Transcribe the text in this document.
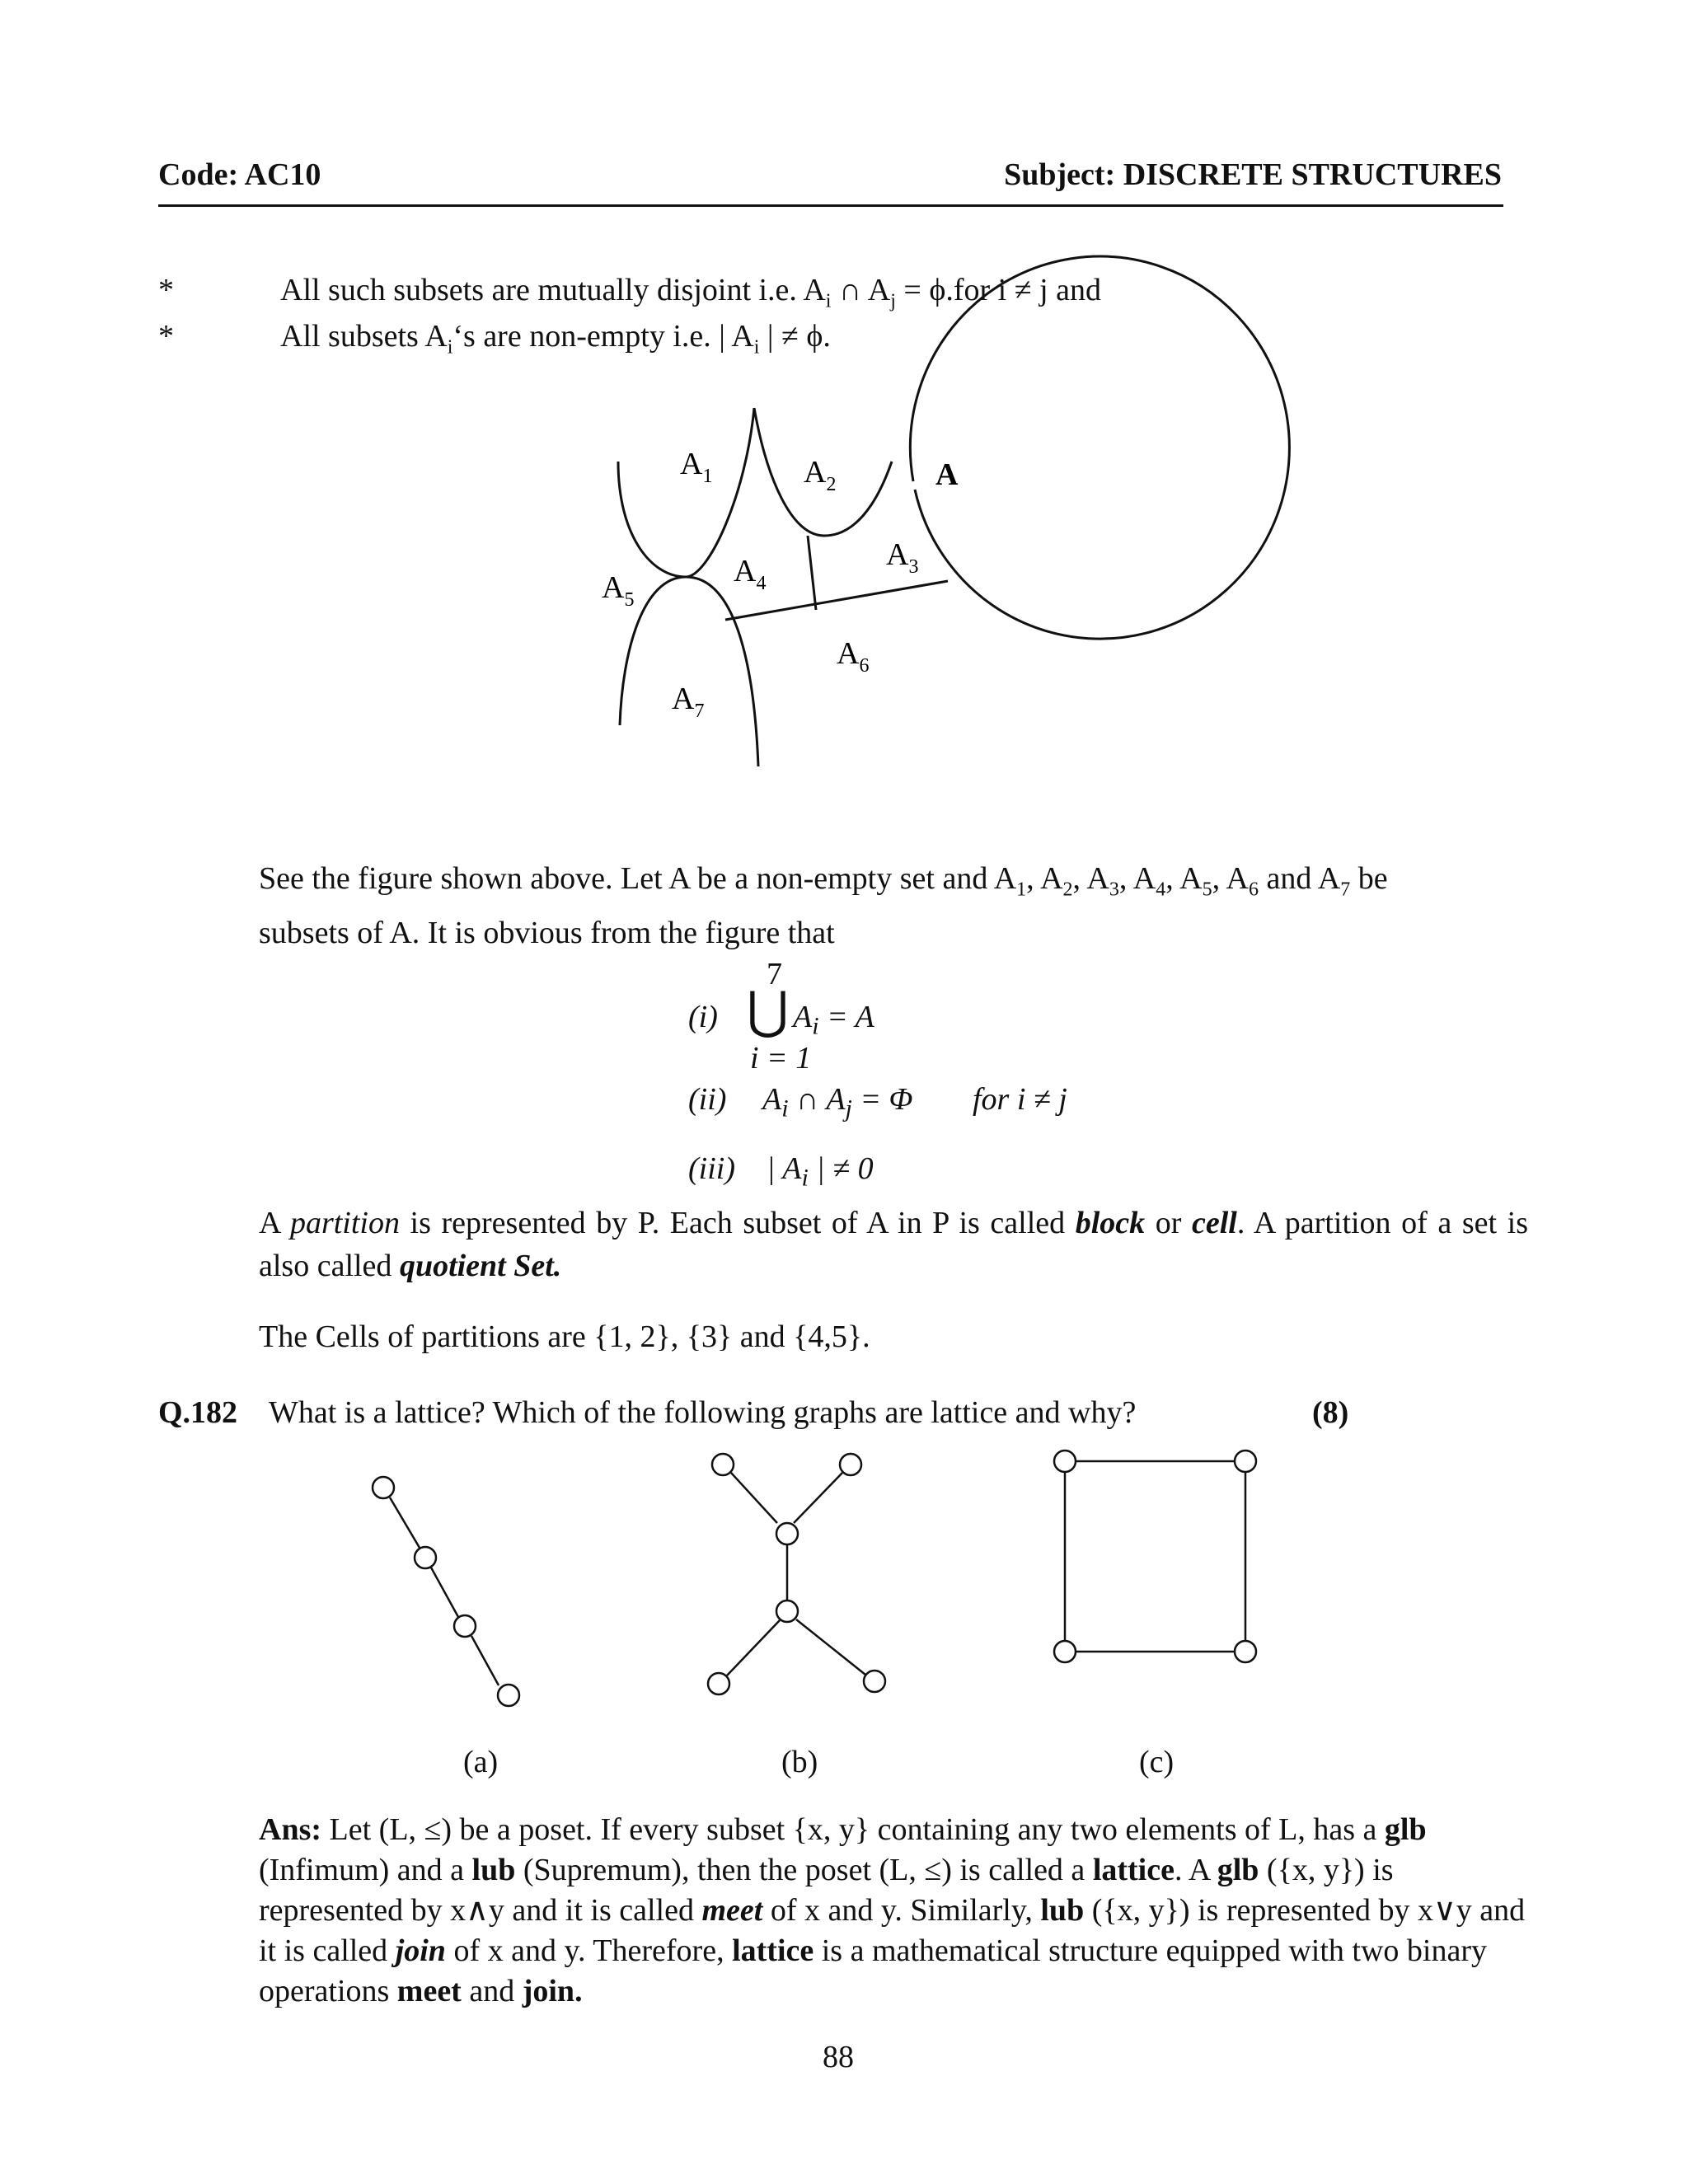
Code: AC10	Subject: DISCRETE STRUCTURES
*	All such subsets are mutually disjoint i.e. $A_i$ ∩ $A_j = \phi.for$ i ≠ j and
*	All subsets $A_i‘s$ are non-empty i.e. | $A_i$ | ≠ ϕ.
A
$A_1$	$A_2$
$A_3$
$A_4$
$A_5$
$A_6$
$A_7$
See the figure shown above. Let A be a non-empty set and $A_1$, $A_2$, $A_3$, $A_4$, $A_5$, $A_6$ and $A_7$ be
subsets of A. It is obvious from the figure that
7
(i) ⋃ $A_i = A$
i = 1
(ii) $A_i$ ∩ $A_j = \Phi$ for i ≠ j
(iii) | $A_i$ | ≠ 0
A partition is represented by P. Each subset of A in P is called block or cell. A partition of a set is also called quotient Set.
The Cells of partitions are {1, 2}, {3} and {4,5}.
Q.182 What is a lattice? Which of the following graphs are lattice and why?	(8)
(a)	(b)	(c)
Ans: Let (L, ≤) be a poset. If every subset {x, y} containing any two elements of L, has a glb (Infimum) and a lub (Supremum), then the poset (L, ≤) is called a lattice. A glb ({x, y}) is represented by x∧y and it is called meet of x and y. Similarly, lub ({x, y}) is represented by x∨y and it is called join of x and y. Therefore, lattice is a mathematical structure equipped with two binary operations meet and join.
88
